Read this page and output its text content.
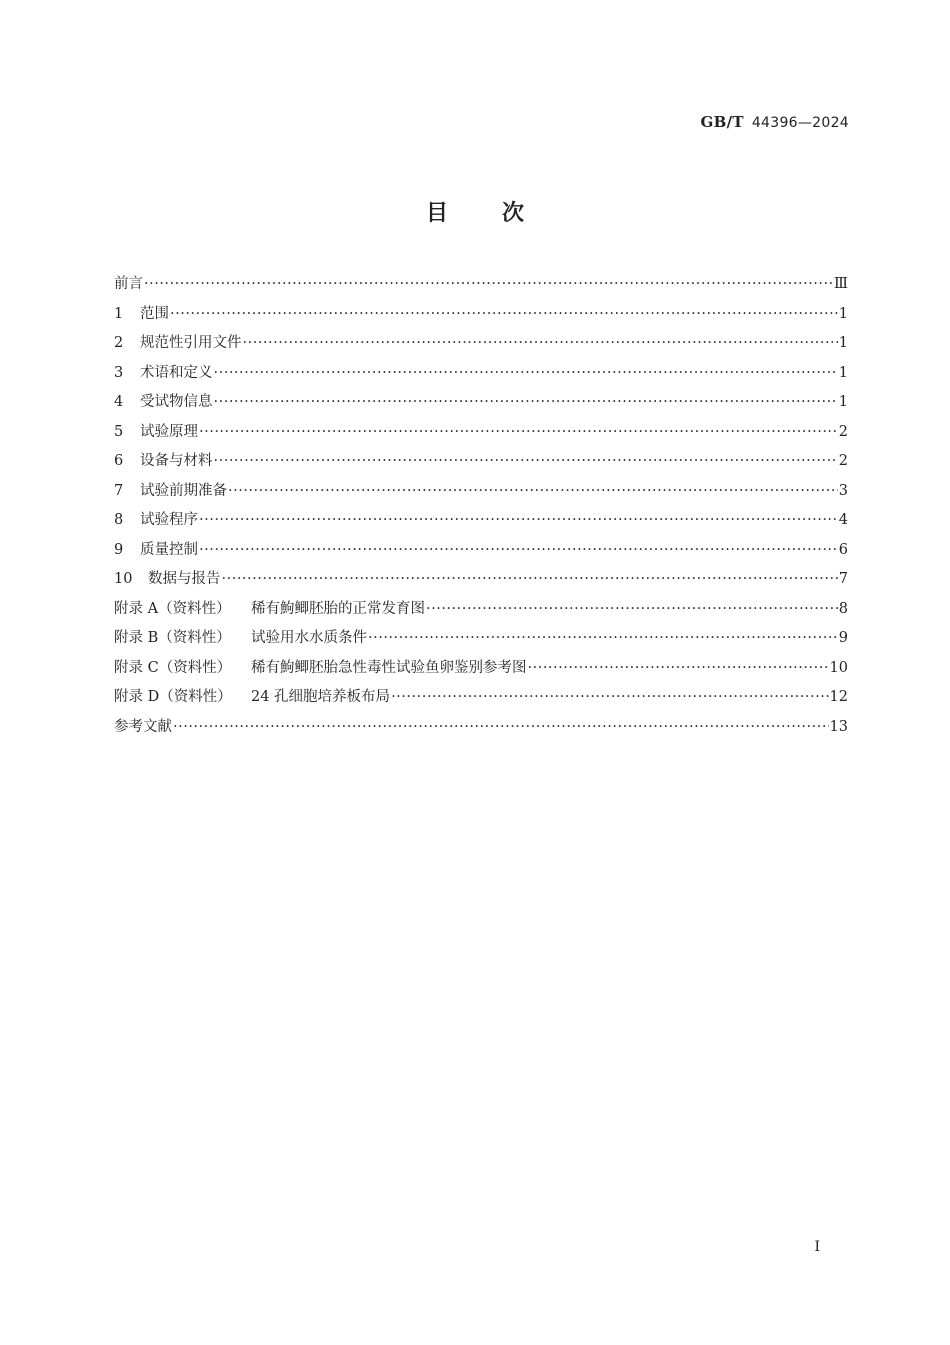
GB/T 44396—2024
目次
前言 ·····	Ⅲ
1	范围 ·····	1
2	规范性引用文件 ·····	1
3	术语和定义 ·····	1
4	受试物信息 ·····	1
5	试验原理 ·····	2
6	设备与材料 ·····	2
7	试验前期准备 ·····	3
8	试验程序 ·····	4
9	质量控制 ·····	6
10	数据与报告 ·····	7
附录 A（资料性）	稀有鮈鲫胚胎的正常发育图 ·····	8
附录 B（资料性）	试验用水水质条件 ·····	9
附录 C（资料性）	稀有鮈鲫胚胎急性毒性试验鱼卵鉴别参考图 ·····	10
附录 D（资料性）	24 孔细胞培养板布局 ·····	12
参考文献 ·····	13
I
